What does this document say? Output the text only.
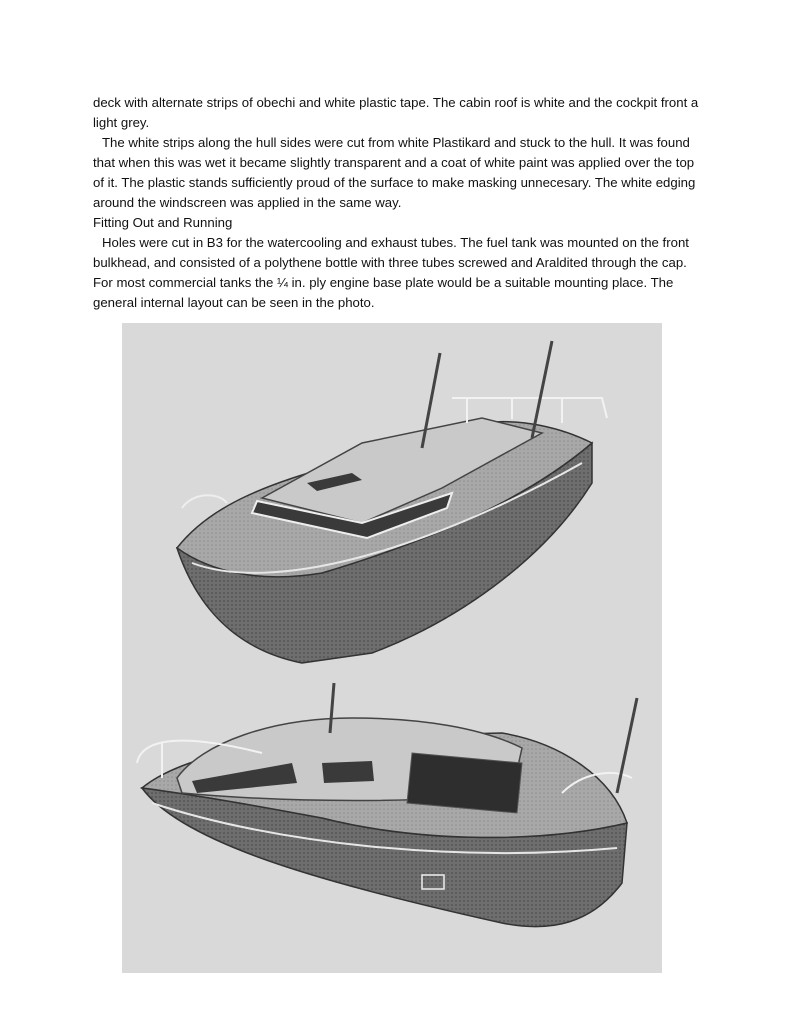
deck with alternate strips of obechi and white plastic tape. The cabin roof is white and the cockpit front a light grey.

The white strips along the hull sides were cut from white Plastikard and stuck to the hull. It was found that when this was wet it became slightly transparent and a coat of white paint was applied over the top of it. The plastic stands sufficiently proud of the surface to make masking unnecesary. The white edging around the windscreen was applied in the same way.

Fitting Out and Running

Holes were cut in B3 for the watercooling and exhaust tubes. The fuel tank was mounted on the front bulkhead, and consisted of a polythene bottle with three tubes screwed and Araldited through the cap. For most commercial tanks the ¼ in. ply engine base plate would be a suitable mounting place. The general internal layout can be seen in the photo.
